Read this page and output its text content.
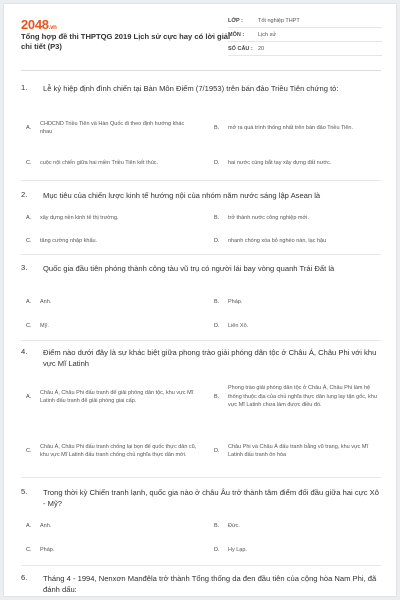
2048.vn
Tổng hợp đề thi THPTQG 2019 Lịch sử cực hay có lời giải chi tiết (P3)
LỚP :	Tốt nghiệp THPT
MÔN :	Lịch sử
SỐ CÂU : 20
1. Lễ ký hiệp định đình chiến tại Bàn Môn Điếm (7/1953) trên bán đảo Triều Tiên chứng tỏ:
A.
CHDCND Triều Tiên và Hàn Quốc đi theo định hướng khác nhau
B.	mở ra quá trình thống nhất trên bán đảo Triều Tiên.
C.	cuộc nội chiến giữa hai miền Triều Tiên kết thúc.	D.	hai nước cùng bắt tay xây dựng đất nước.
2. Mục tiêu của chiến lược kinh tế hướng nội của nhóm năm nước sáng lập Asean là
A.	xây dựng nền kinh tế thị trường.	B.	trở thành nước công nghiệp mới.
C.	tăng cường nhập khẩu.	D.	nhanh chóng xóa bỏ nghèo nàn, lạc hậu
3. Quốc gia đầu tiên phóng thành công tàu vũ trụ có người lái bay vòng quanh Trái Đất là
A.	Anh.	B.	Pháp.
C.	Mỹ.	D.	Liên Xô.
4. Điểm nào dưới đây là sự khác biệt giữa phong trào giải phóng dân tộc ở Châu Á, Châu Phi với khu vực Mĩ Latinh
A.
Châu Á, Châu Phi đấu tranh để giải phóng dân tộc, khu vực Mĩ Latinh đấu tranh để giải phóng giai cấp.
B.
Phong trào giải phóng dân tộc ở Châu Á, Châu Phi làm hệ thống thuộc địa của chủ nghĩa thực dân lung lay tận gốc, khu vực Mĩ Latinh chưa làm được điều đó.
C.
Châu Á, Châu Phi đấu tranh chống lại bọn đế quốc thực dân cũ, khu vực Mĩ Latinh đấu tranh chống chủ nghĩa thực dân mới.
D.
Châu Phi và Châu Á đấu tranh bằng vũ trang, khu vực Mĩ Latinh đấu tranh ôn hòa
5. Trong thời kỳ Chiến tranh lạnh, quốc gia nào ở châu Âu trở thành tâm điểm đối đầu giữa hai cực Xô - Mỹ?
A.	Anh.	B.	Đức.
C.	Pháp.	D.	Hy Lạp.
6. Tháng 4 - 1994, Nenxơn Manđêla trở thành Tổng thống da đen đầu tiên của cộng hòa Nam Phi, đã đánh dấu:
